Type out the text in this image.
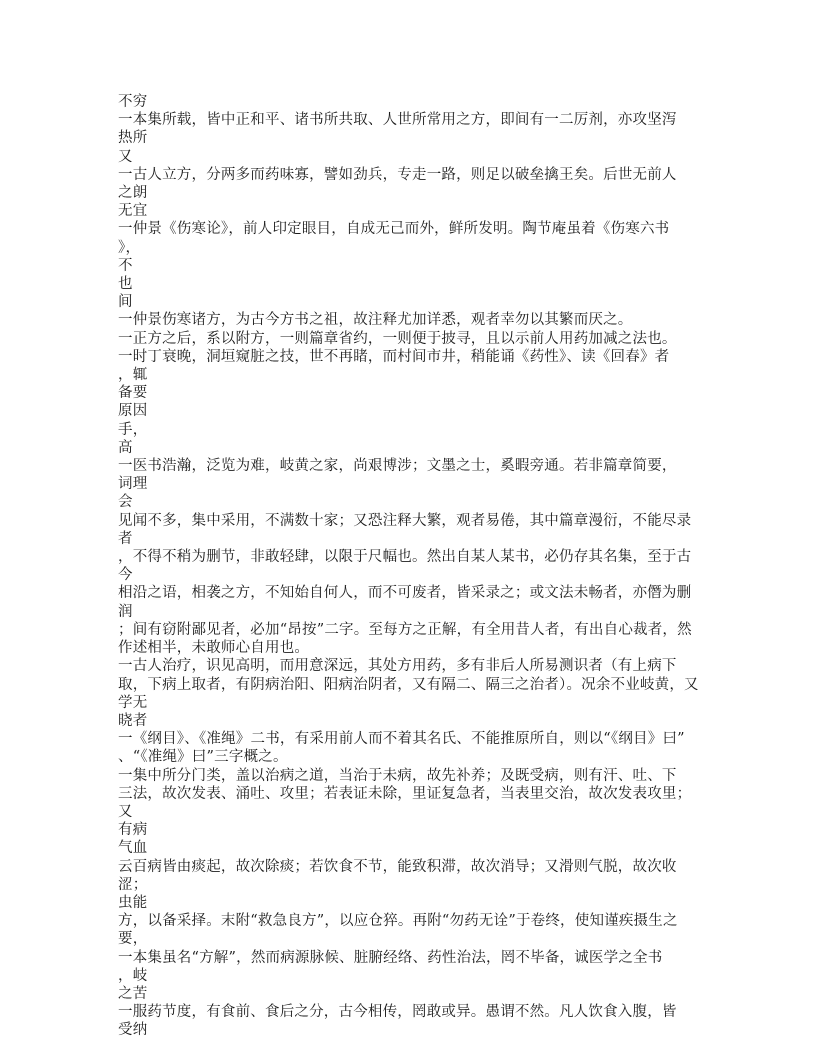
不穷
一本集所载，皆中正和平、诸书所共取、人世所常用之方，即间有一二厉剂，亦攻坚泻
热所
又
一古人立方，分两多而药味寡，譬如劲兵，专走一路，则足以破垒擒王矣。后世无前人
之朗
无宜
一仲景《伤寒论》，前人印定眼目，自成无己而外，鲜所发明。陶节庵虽着《伤寒六书
》，
不
也
间
一仲景伤寒诸方，为古今方书之祖，故注释尤加详悉，观者幸勿以其繁而厌之。
一正方之后，系以附方，一则篇章省约，一则便于披寻，且以示前人用药加减之法也。
一时丁衰晚，洞垣窥脏之技，世不再睹，而村间市井，稍能诵《药性》、读《回春》者
，辄
备要
原因
手，
高
一医书浩瀚，泛览为难，岐黄之家，尚艰博涉；文墨之士，奚暇旁通。若非篇章简要，
词理
会
见闻不多，集中采用，不满数十家；又恐注释大繁，观者易倦，其中篇章漫衍，不能尽录者
，不得不稍为删节，非敢轻肆，以限于尺幅也。然出自某人某书，必仍存其名集，至于古今
相沿之语，相袭之方，不知始自何人，而不可废者，皆采录之；或文法未畅者，亦僭为删润
；间有窃附鄙见者，必加“昂按”二字。至每方之正解，有全用昔人者，有出自心裁者，然
作述相半，未敢师心自用也。
一古人治疗，识见高明，而用意深远，其处方用药，多有非后人所易测识者（有上病下
取，下病上取者，有阴病治阳、阳病治阴者，又有隔二、隔三之治者）。况余不业岐黄，又
学无
晓者
一《纲目》、《准绳》二书，有采用前人而不着其名氏、不能推原所自，则以“《纲目》曰”
、“《准绳》曰”三字概之。
一集中所分门类，盖以治病之道，当治于未病，故先补养；及既受病，则有汗、吐、下
三法，故次发表、涌吐、攻里；若表证未除，里证复急者，当表里交治，故次发表攻里；又
有病
气血
云百病皆由痰起，故次除痰；若饮食不节，能致积滞，故次消导；又滑则气脱，故次收涩；
虫能
方，以备采择。末附“救急良方”，以应仓猝。再附“勿药无诠”于卷终，使知谨疾摄生之
要，
一本集虽名“方解”，然而病源脉候、脏腑经络、药性治法，罔不毕备，诚医学之全书
，岐
之苦
一服药节度，有食前、食后之分，古今相传，罔敢或异。愚谓不然。凡人饮食入腹，皆
受纳
